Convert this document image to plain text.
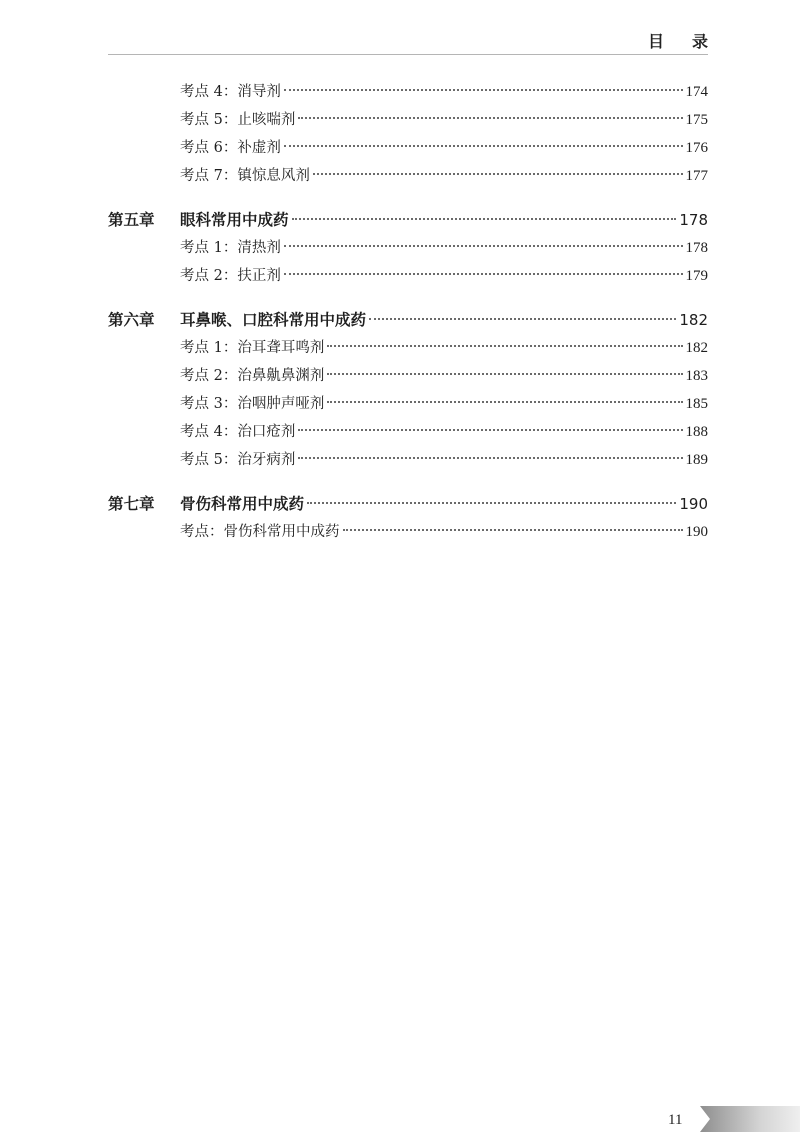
目录
考点 4：消导剂	174
考点 5：止咳喘剂	175
考点 6：补虚剂	176
考点 7：镇惊息风剂	177
第五章	眼科常用中成药	178
考点 1：清热剂	178
考点 2：扶正剂	179
第六章	耳鼻喉、口腔科常用中成药	182
考点 1：治耳聋耳鸣剂	182
考点 2：治鼻鼽鼻渊剂	183
考点 3：治咽肿声哑剂	185
考点 4：治口疮剂	188
考点 5：治牙病剂	189
第七章	骨伤科常用中成药	190
考点：骨伤科常用中成药	190
11
